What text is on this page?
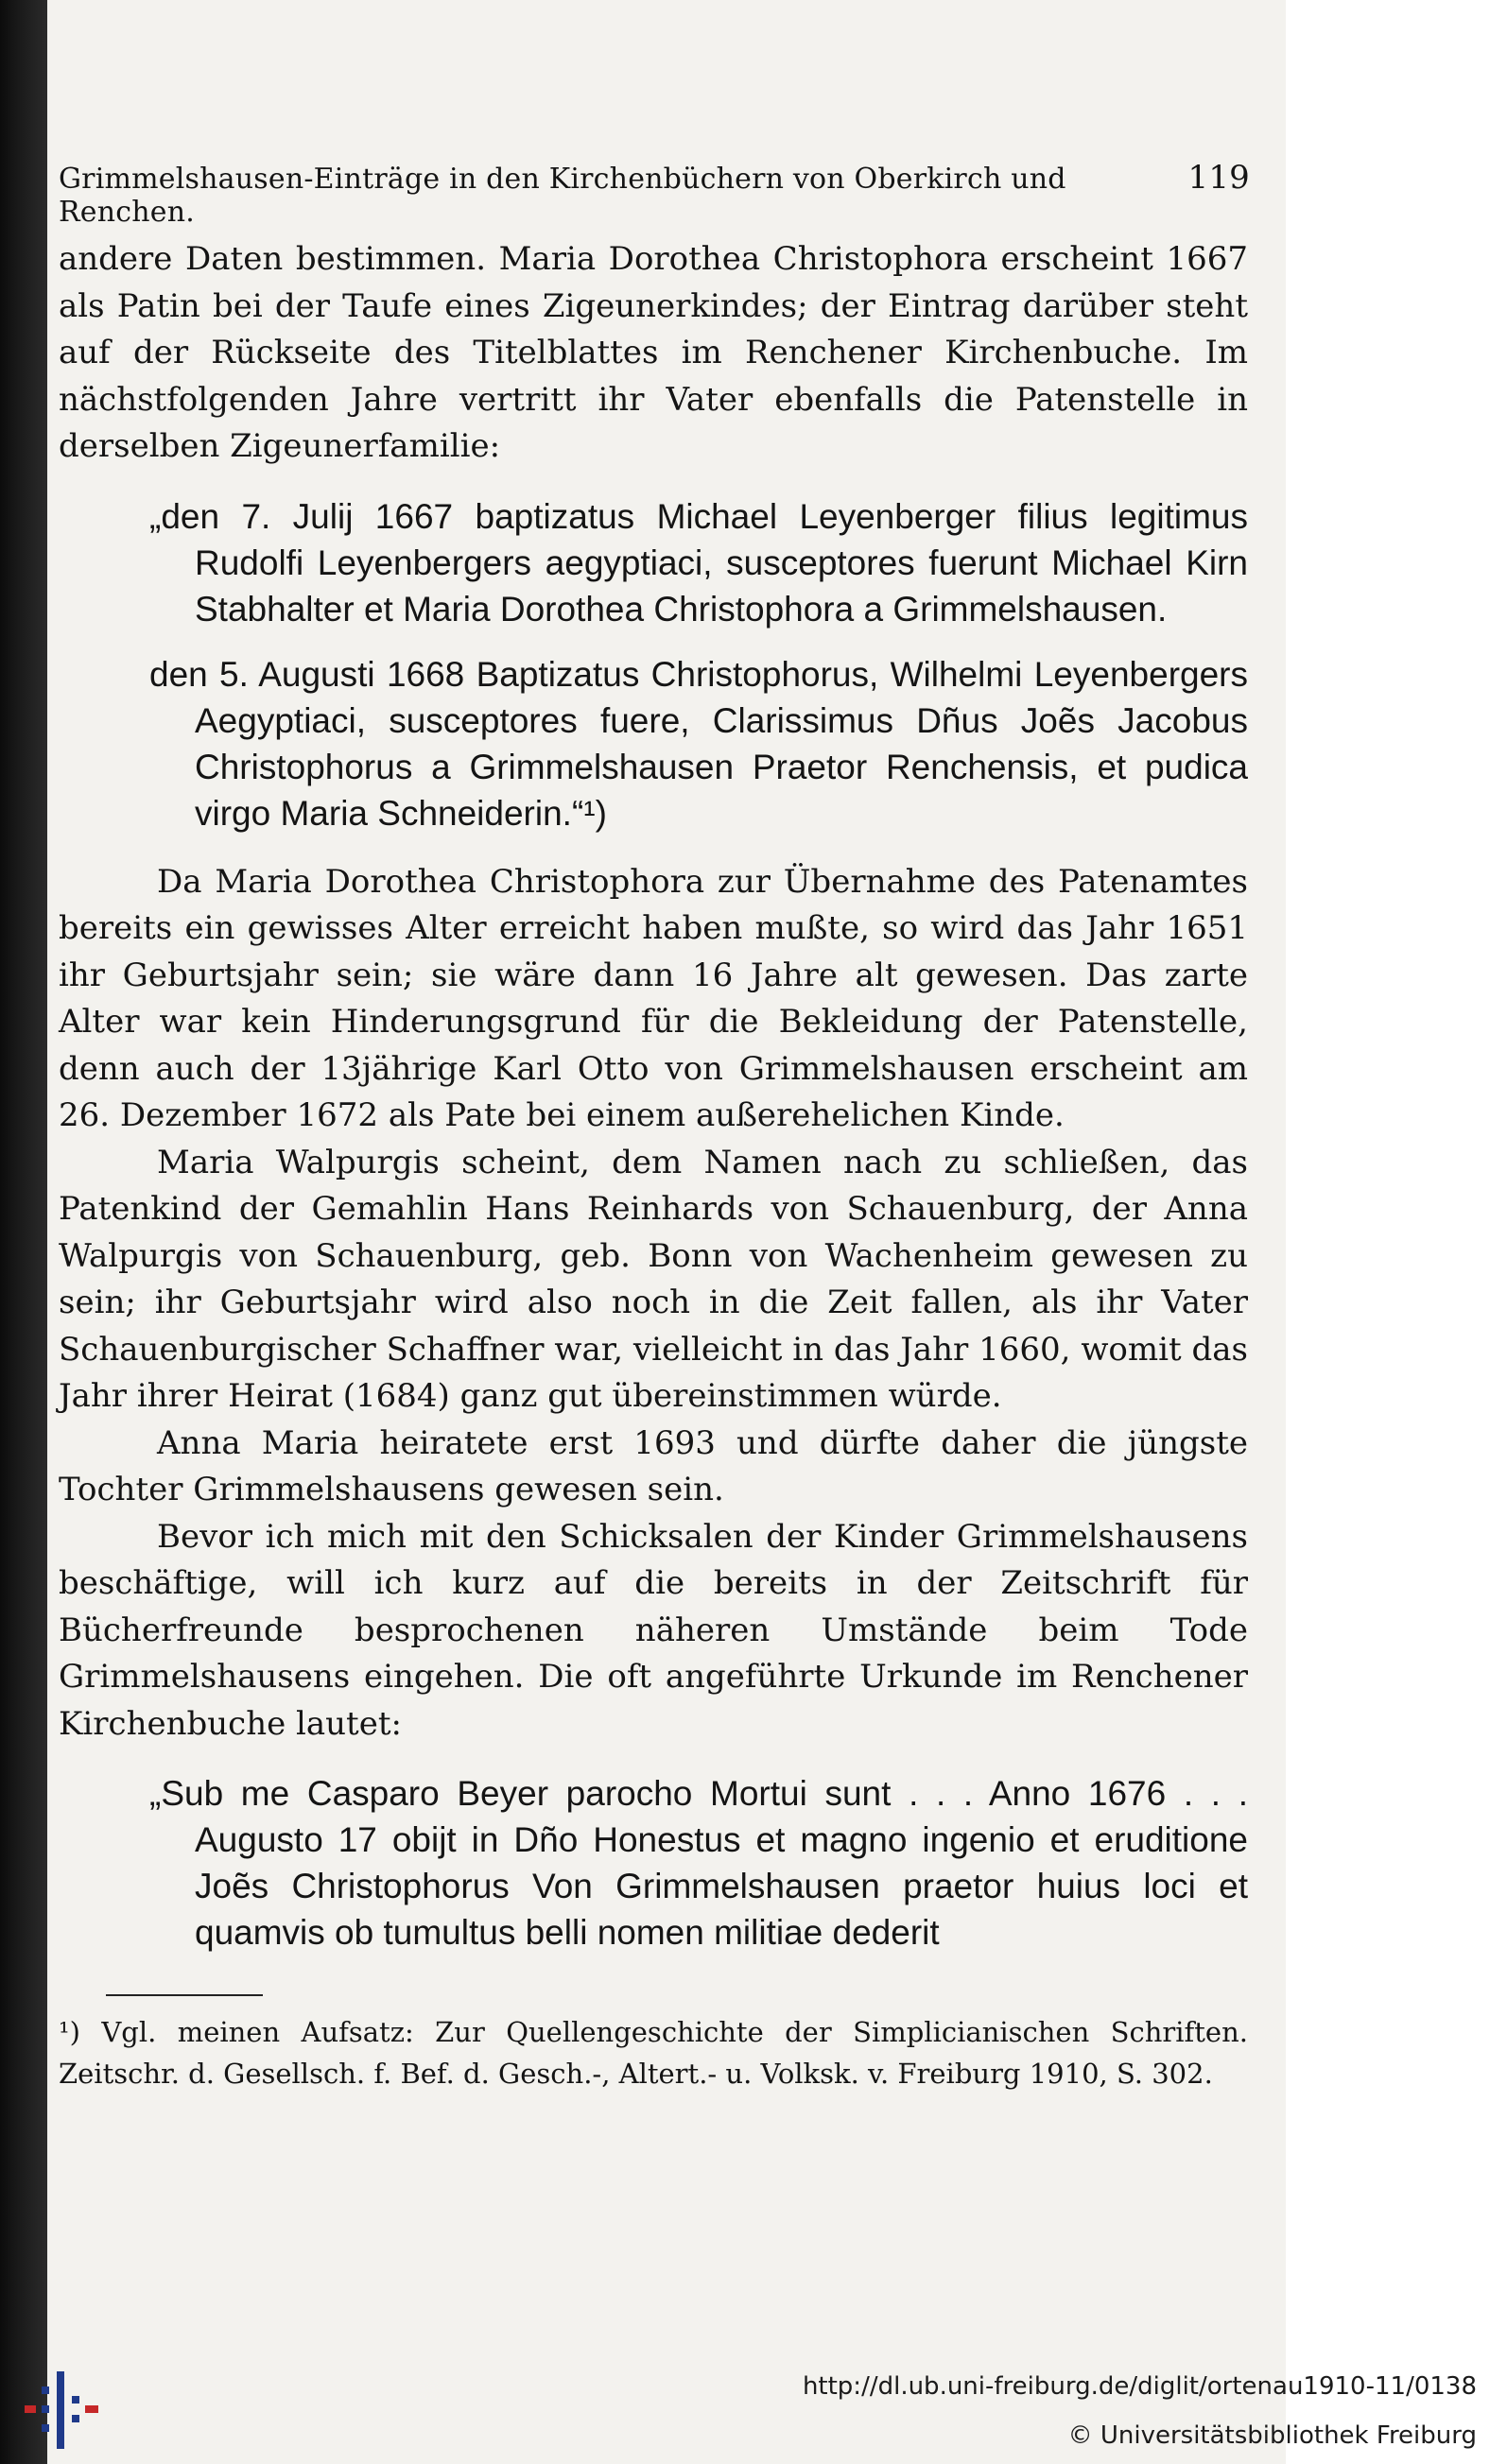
Grimmelshausen-Einträge in den Kirchenbüchern von Oberkirch und Renchen.
119

andere Daten bestimmen. Maria Dorothea Christophora erscheint 1667 als Patin bei der Taufe eines Zigeunerkindes; der Eintrag darüber steht auf der Rückseite des Titelblattes im Renchener Kirchenbuche. Im nächstfolgenden Jahre vertritt ihr Vater ebenfalls die Patenstelle in derselben Zigeunerfamilie:

„den 7. Julij 1667 baptizatus Michael Leyenberger filius legitimus Rudolfi Leyenbergers aegyptiaci, susceptores fuerunt Michael Kirn Stabhalter et Maria Dorothea Christophora a Grimmelshausen.

den 5. Augusti 1668 Baptizatus Christophorus, Wilhelmi Leyenbergers Aegyptiaci, susceptores fuere, Clarissimus Dñus Joẽs Jacobus Christophorus a Grimmelshausen Praetor Renchensis, et pudica virgo Maria Schneiderin.“¹)

Da Maria Dorothea Christophora zur Übernahme des Patenamtes bereits ein gewisses Alter erreicht haben mußte, so wird das Jahr 1651 ihr Geburtsjahr sein; sie wäre dann 16 Jahre alt gewesen. Das zarte Alter war kein Hinderungsgrund für die Bekleidung der Patenstelle, denn auch der 13jährige Karl Otto von Grimmelshausen erscheint am 26. Dezember 1672 als Pate bei einem außerehelichen Kinde.

Maria Walpurgis scheint, dem Namen nach zu schließen, das Patenkind der Gemahlin Hans Reinhards von Schauenburg, der Anna Walpurgis von Schauenburg, geb. Bonn von Wachenheim gewesen zu sein; ihr Geburtsjahr wird also noch in die Zeit fallen, als ihr Vater Schauenburgischer Schaffner war, vielleicht in das Jahr 1660, womit das Jahr ihrer Heirat (1684) ganz gut übereinstimmen würde.

Anna Maria heiratete erst 1693 und dürfte daher die jüngste Tochter Grimmelshausens gewesen sein.

Bevor ich mich mit den Schicksalen der Kinder Grimmelshausens beschäftige, will ich kurz auf die bereits in der Zeitschrift für Bücherfreunde besprochenen näheren Umstände beim Tode Grimmelshausens eingehen. Die oft angeführte Urkunde im Renchener Kirchenbuche lautet:

„Sub me Casparo Beyer parocho Mortui sunt . . . Anno 1676 . . . Augusto 17 obijt in Dño Honestus et magno ingenio et eruditione Joẽs Christophorus Von Grimmelshausen praetor huius loci et quamvis ob tumultus belli nomen militiae dederit

¹) Vgl. meinen Aufsatz: Zur Quellengeschichte der Simplicianischen Schriften. Zeitschr. d. Gesellsch. f. Bef. d. Gesch.-, Altert.- u. Volksk. v. Freiburg 1910, S. 302.

http://dl.ub.uni-freiburg.de/diglit/ortenau1910-11/0138
© Universitätsbibliothek Freiburg
